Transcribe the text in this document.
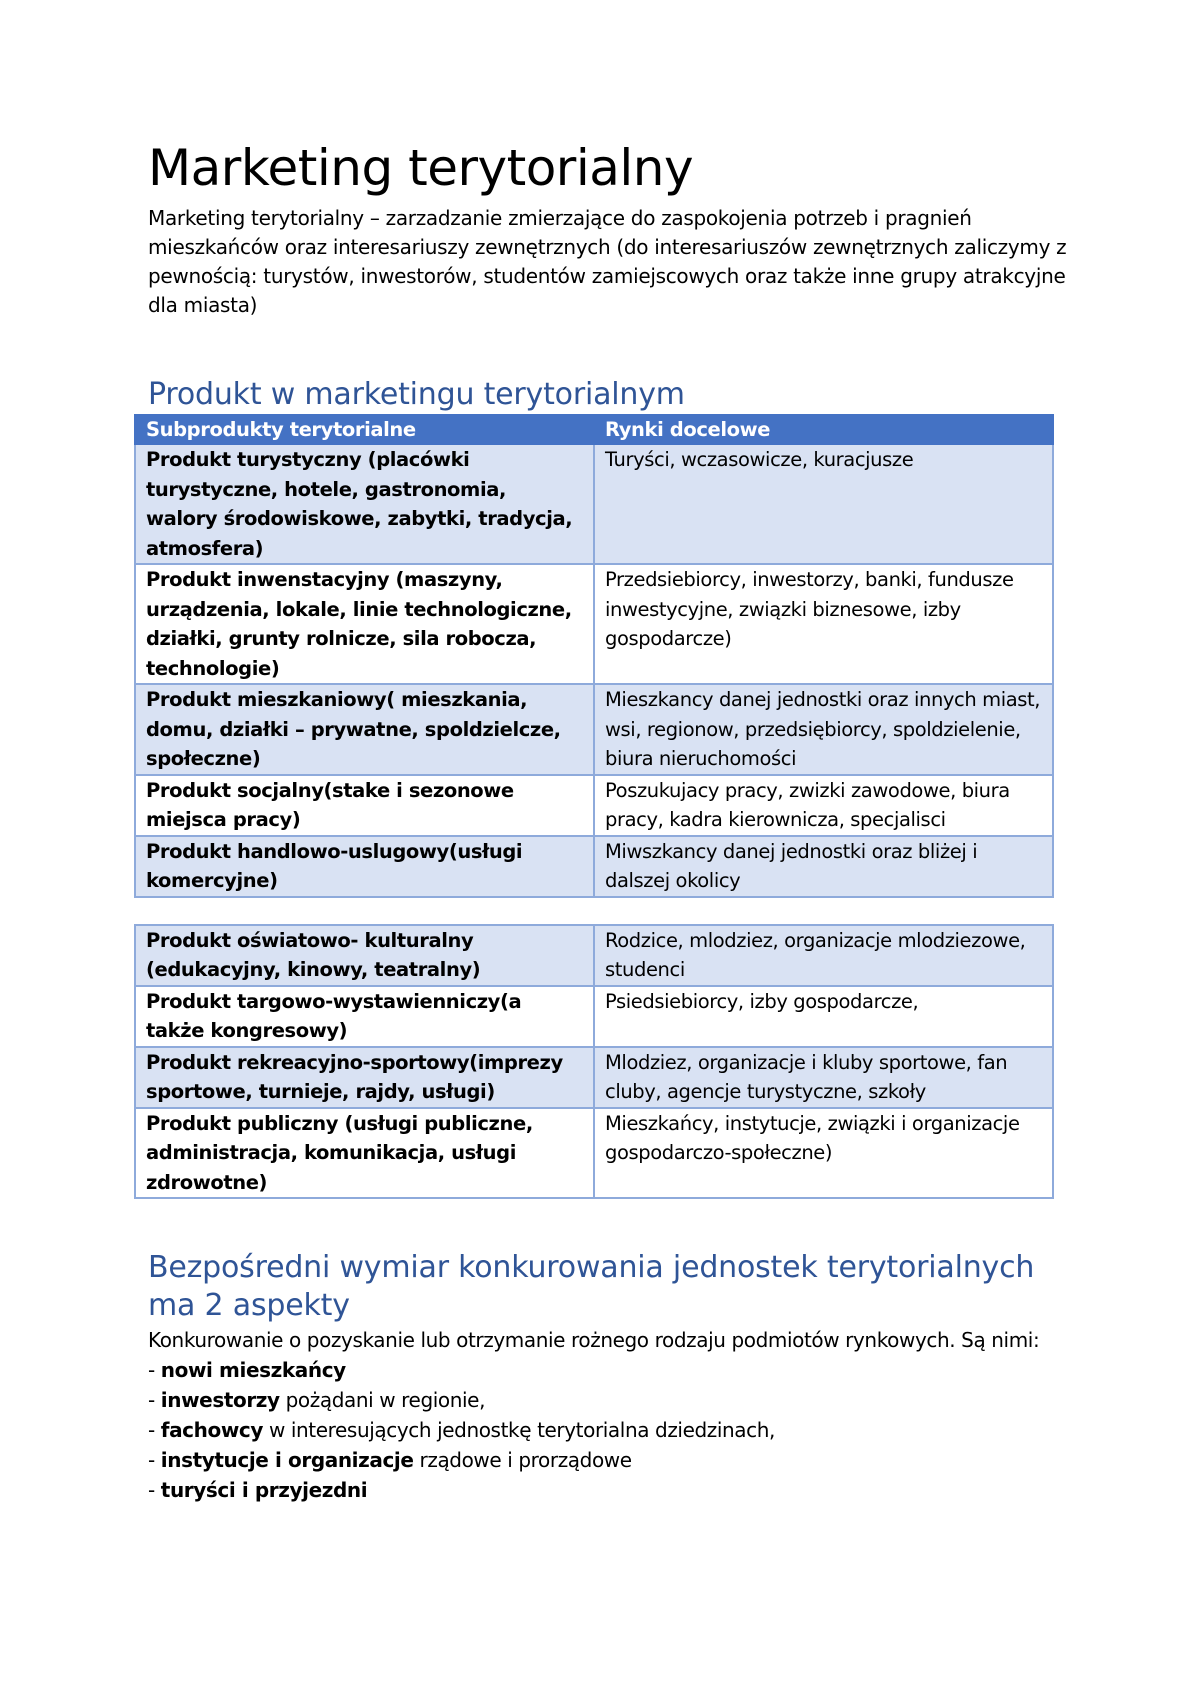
Marketing terytorialny

Marketing terytorialny – zarzadzanie zmierzające do zaspokojenia potrzeb i pragnień mieszkańców oraz interesariuszy zewnętrznych (do interesariuszów zewnętrznych zaliczymy z pewnością: turystów, inwestorów, studentów zamiejscowych oraz także inne grupy atrakcyjne dla miasta)

Produkt w marketingu terytorialnym
Subprodukty terytorialne	Rynki docelowe
Produkt turystyczny (placówki turystyczne, hotele, gastronomia, walory środowiskowe, zabytki, tradycja, atmosfera)	Turyści, wczasowicze, kuracjusze
Produkt inwenstacyjny (maszyny, urządzenia, lokale, linie technologiczne, działki, grunty rolnicze, sila robocza, technologie)	Przedsiebiorcy, inwestorzy, banki, fundusze inwestycyjne, związki biznesowe, izby gospodarcze)
Produkt mieszkaniowy( mieszkania, domu, działki – prywatne, spoldzielcze, społeczne)	Mieszkancy danej jednostki oraz innych miast, wsi, regionow, przedsiębiorcy, spoldzielenie, biura nieruchomości
Produkt socjalny(stake i sezonowe miejsca pracy)	Poszukujacy pracy, zwizki zawodowe, biura pracy, kadra kierownicza, specjalisci
Produkt handlowo-uslugowy(usługi komercyjne)	Miwszkancy danej jednostki oraz bliżej i dalszej okolicy
Produkt oświatowo- kulturalny (edukacyjny, kinowy, teatralny)	Rodzice, mlodziez, organizacje mlodziezowe, studenci
Produkt targowo-wystawienniczy(a także kongresowy)	Psiedsiebiorcy, izby gospodarcze,
Produkt rekreacyjno-sportowy(imprezy sportowe, turnieje, rajdy, usługi)	Mlodziez, organizacje i kluby sportowe, fan cluby, agencje turystyczne, szkoły
Produkt publiczny (usługi publiczne, administracja, komunikacja, usługi zdrowotne)	Mieszkańcy, instytucje, związki i organizacje gospodarczo-społeczne)
Bezpośredni wymiar konkurowania jednostek terytorialnych ma 2 aspekty

Konkurowanie o pozyskanie lub otrzymanie rożnego rodzaju podmiotów rynkowych. Są nimi:

- nowi mieszkańcy
- inwestorzy pożądani w regionie,
- fachowcy w interesujących jednostkę terytorialna dziedzinach,
- instytucje i organizacje rządowe i prorządowe
- turyści i przyjezdni
